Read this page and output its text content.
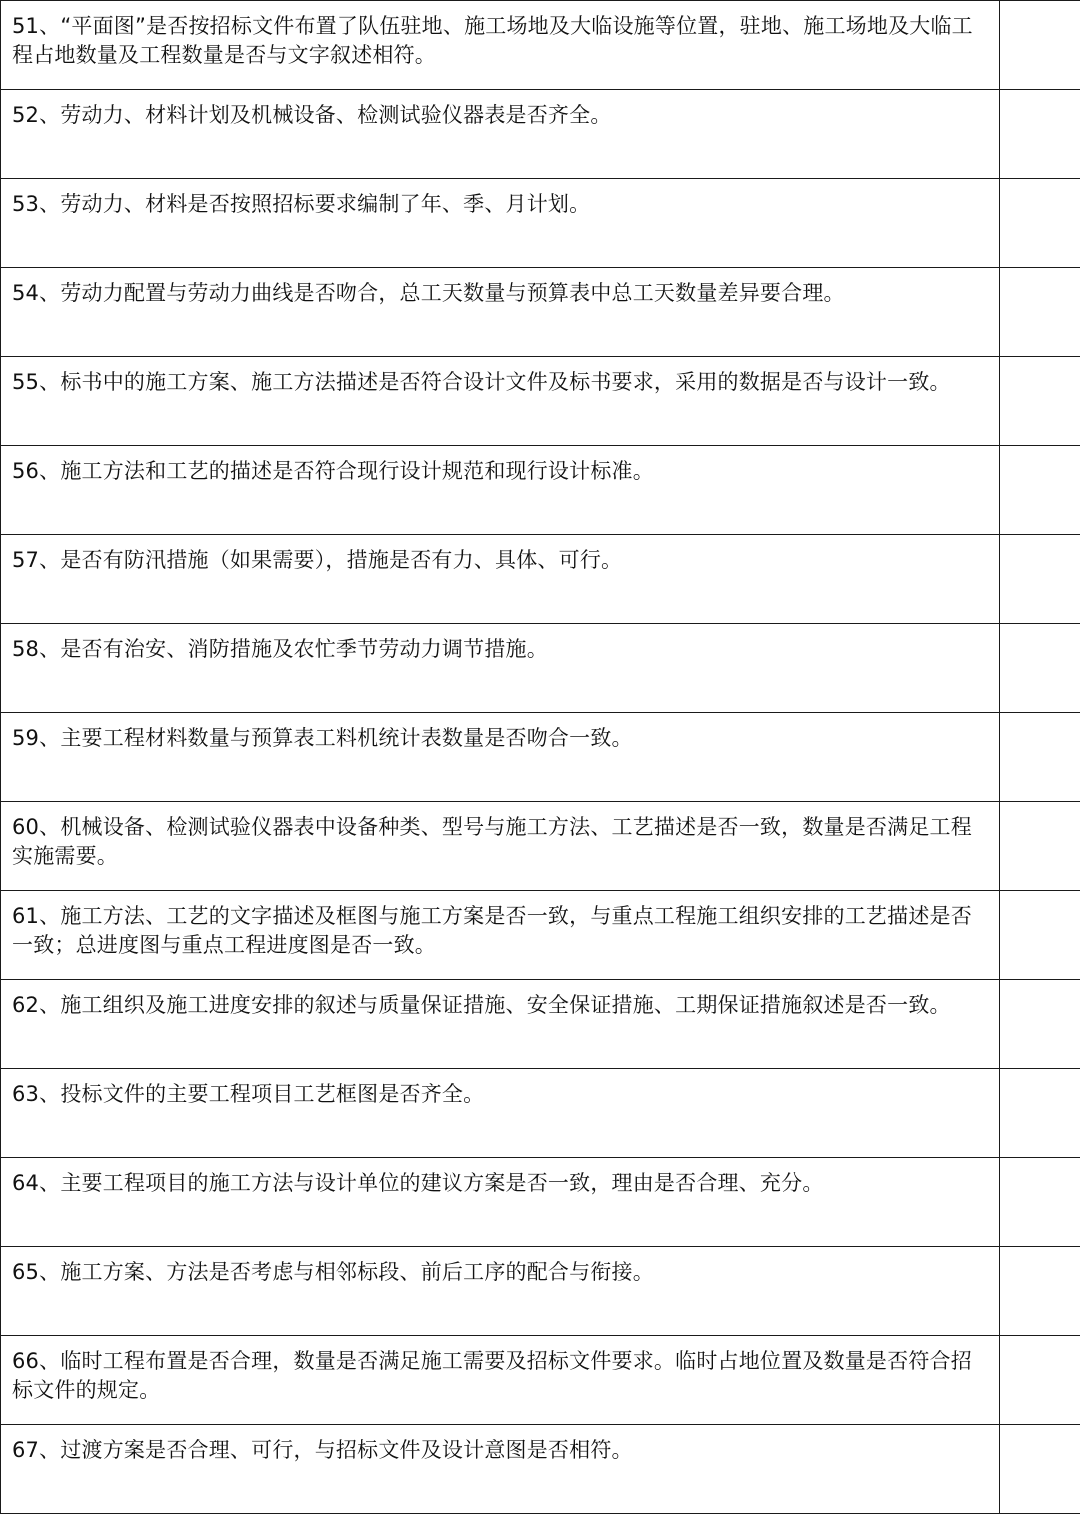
51、“平面图”是否按招标文件布置了队伍驻地、施工场地及大临设施等位置，驻地、施工场地及大临工程占地数量及工程数量是否与文字叙述相符。	
52、劳动力、材料计划及机械设备、检测试验仪器表是否齐全。	
53、劳动力、材料是否按照招标要求编制了年、季、月计划。	
54、劳动力配置与劳动力曲线是否吻合，总工天数量与预算表中总工天数量差异要合理。	
55、标书中的施工方案、施工方法描述是否符合设计文件及标书要求，采用的数据是否与设计一致。	
56、施工方法和工艺的描述是否符合现行设计规范和现行设计标准。	
57、是否有防汛措施（如果需要），措施是否有力、具体、可行。	
58、是否有治安、消防措施及农忙季节劳动力调节措施。	
59、主要工程材料数量与预算表工料机统计表数量是否吻合一致。	
60、机械设备、检测试验仪器表中设备种类、型号与施工方法、工艺描述是否一致，数量是否满足工程实施需要。	
61、施工方法、工艺的文字描述及框图与施工方案是否一致，与重点工程施工组织安排的工艺描述是否一致；总进度图与重点工程进度图是否一致。	
62、施工组织及施工进度安排的叙述与质量保证措施、安全保证措施、工期保证措施叙述是否一致。	
63、投标文件的主要工程项目工艺框图是否齐全。	
64、主要工程项目的施工方法与设计单位的建议方案是否一致，理由是否合理、充分。	
65、施工方案、方法是否考虑与相邻标段、前后工序的配合与衔接。	
66、临时工程布置是否合理，数量是否满足施工需要及招标文件要求。临时占地位置及数量是否符合招标文件的规定。	
67、过渡方案是否合理、可行，与招标文件及设计意图是否相符。	
